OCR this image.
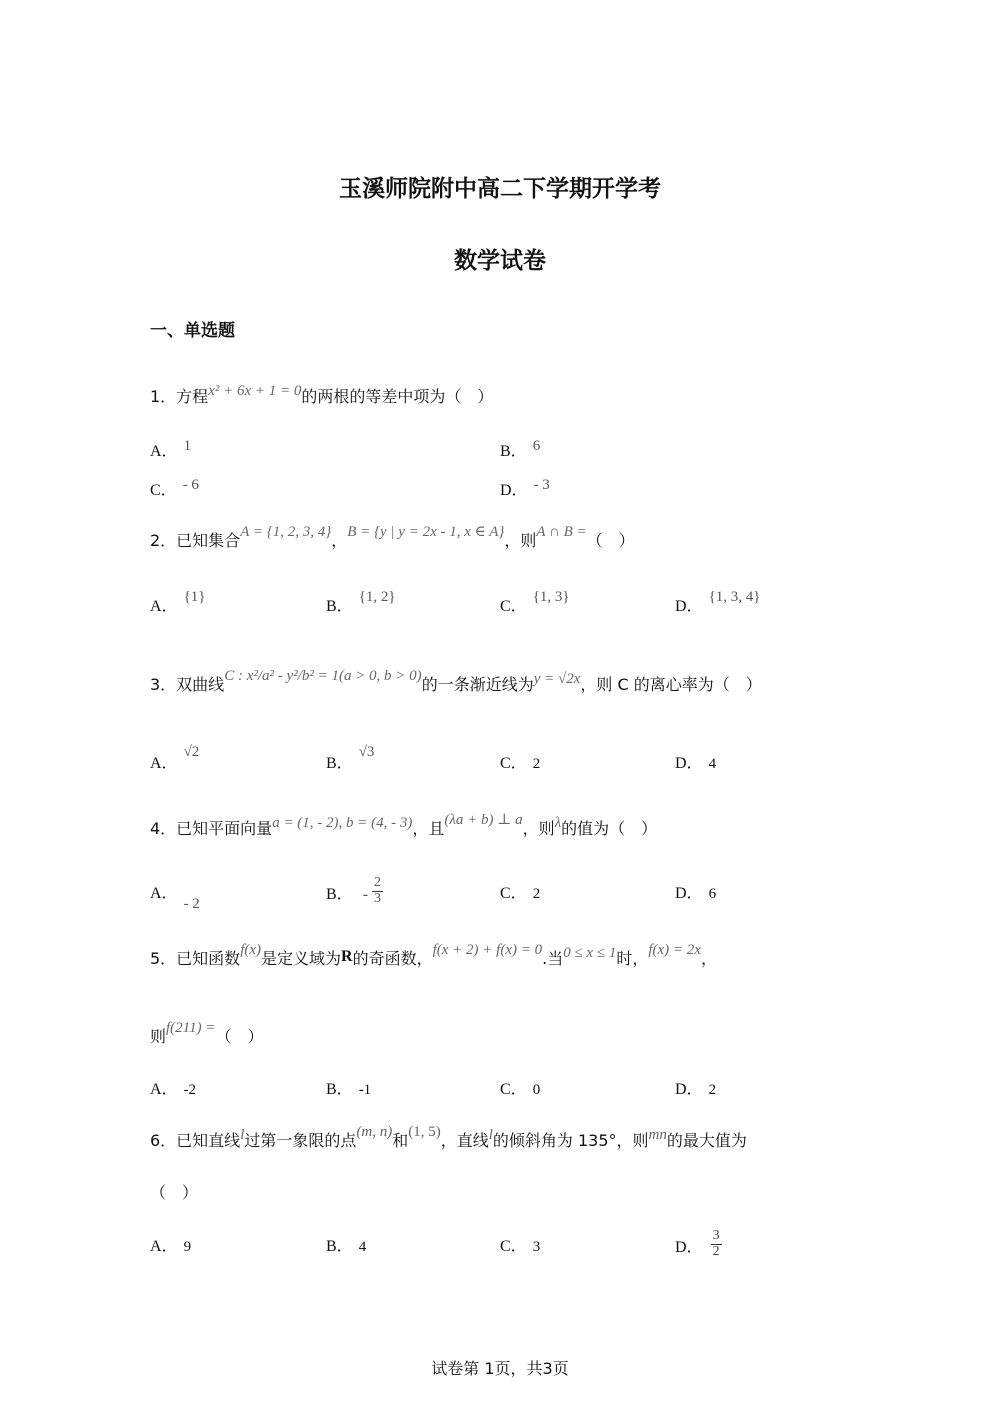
玉溪师院附中高二下学期开学考
数学试卷
一、单选题
1．方程x² + 6x + 1 = 0的两根的等差中项为（　）
A． 1	B． 6
C． - 6	D． - 3
2．已知集合A = {1, 2, 3, 4}，B = {y | y = 2x - 1, x ∈ A}，则A ∩ B =（　）
A．{1}
B．{1, 2}
C．{1, 3}
D．{1, 3, 4}
3．双曲线C : x²/a² - y²/b² = 1(a > 0, b > 0)的一条渐近线为y = √2x，则 C 的离心率为（　）
A．√2
B．√3
C． 2	D． 4
4．已知平面向量a = (1, - 2), b = (4, - 3)，且(λa + b) ⊥ a，则λ的值为（　）
A．- 2
B． - $\frac{2}{3}$	C． 2	D． 6
5．已知函数f(x)是定义域为R的奇函数，f(x + 2) + f(x) = 0.当0 ≤ x ≤ 1时，f(x) = 2x，
则f(211) =（　）
A． -2	B． -1	C． 0	D． 2
6．已知直线l过第一象限的点(m, n)和(1, 5)，直线l的倾斜角为 135°，则mn的最大值为
（　）
A． 9	B． 4	C． 3	D． $\frac{3}{2}$
试卷第 1页，共3页
